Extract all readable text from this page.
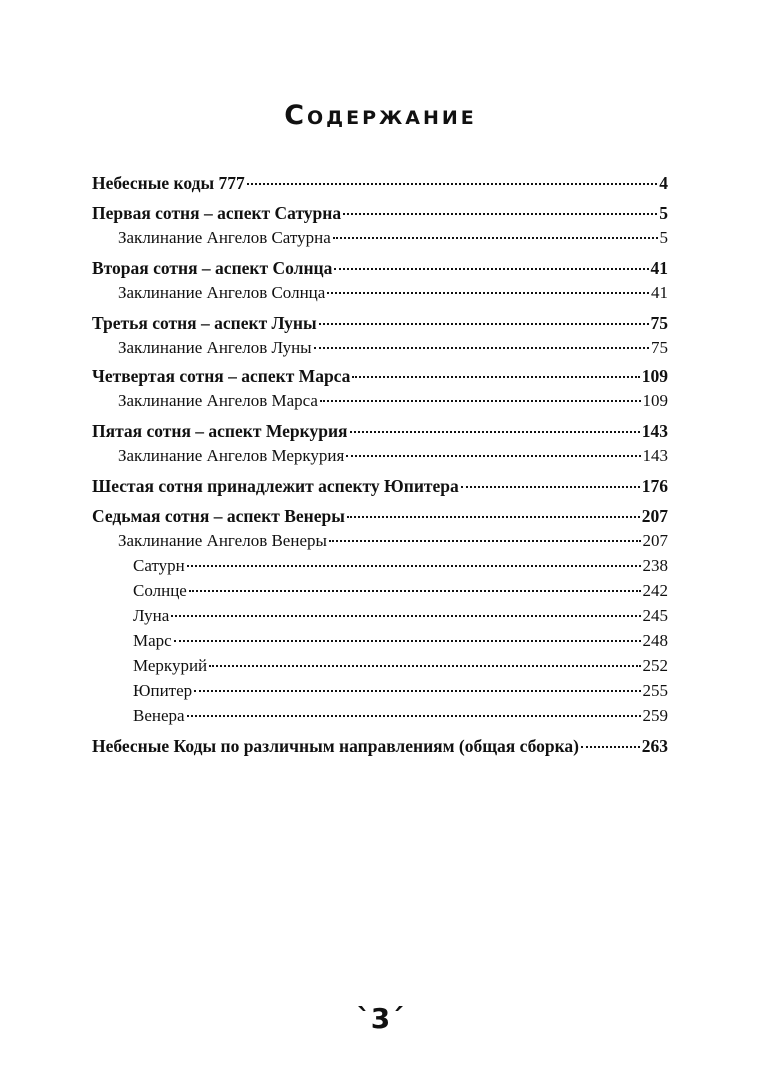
Содержание
Небесные коды 777	4
Первая сотня – аспект Сатурна	5
Заклинание Ангелов Сатурна	5
Вторая сотня – аспект Солнца	41
Заклинание Ангелов Солнца	41
Третья сотня – аспект Луны	75
Заклинание Ангелов Луны	75
Четвертая сотня – аспект Марса	109
Заклинание Ангелов Марса	109
Пятая сотня – аспект Меркурия	143
Заклинание Ангелов Меркурия	143
Шестая сотня принадлежит аспекту Юпитера	176
Седьмая сотня – аспект Венеры	207
Заклинание Ангелов Венеры	207
Сатурн	238
Солнце	242
Луна	245
Марс	248
Меркурий	252
Юпитер	255
Венера	259
Небесные Коды по различным направлениям (общая сборка)	263
`3´
